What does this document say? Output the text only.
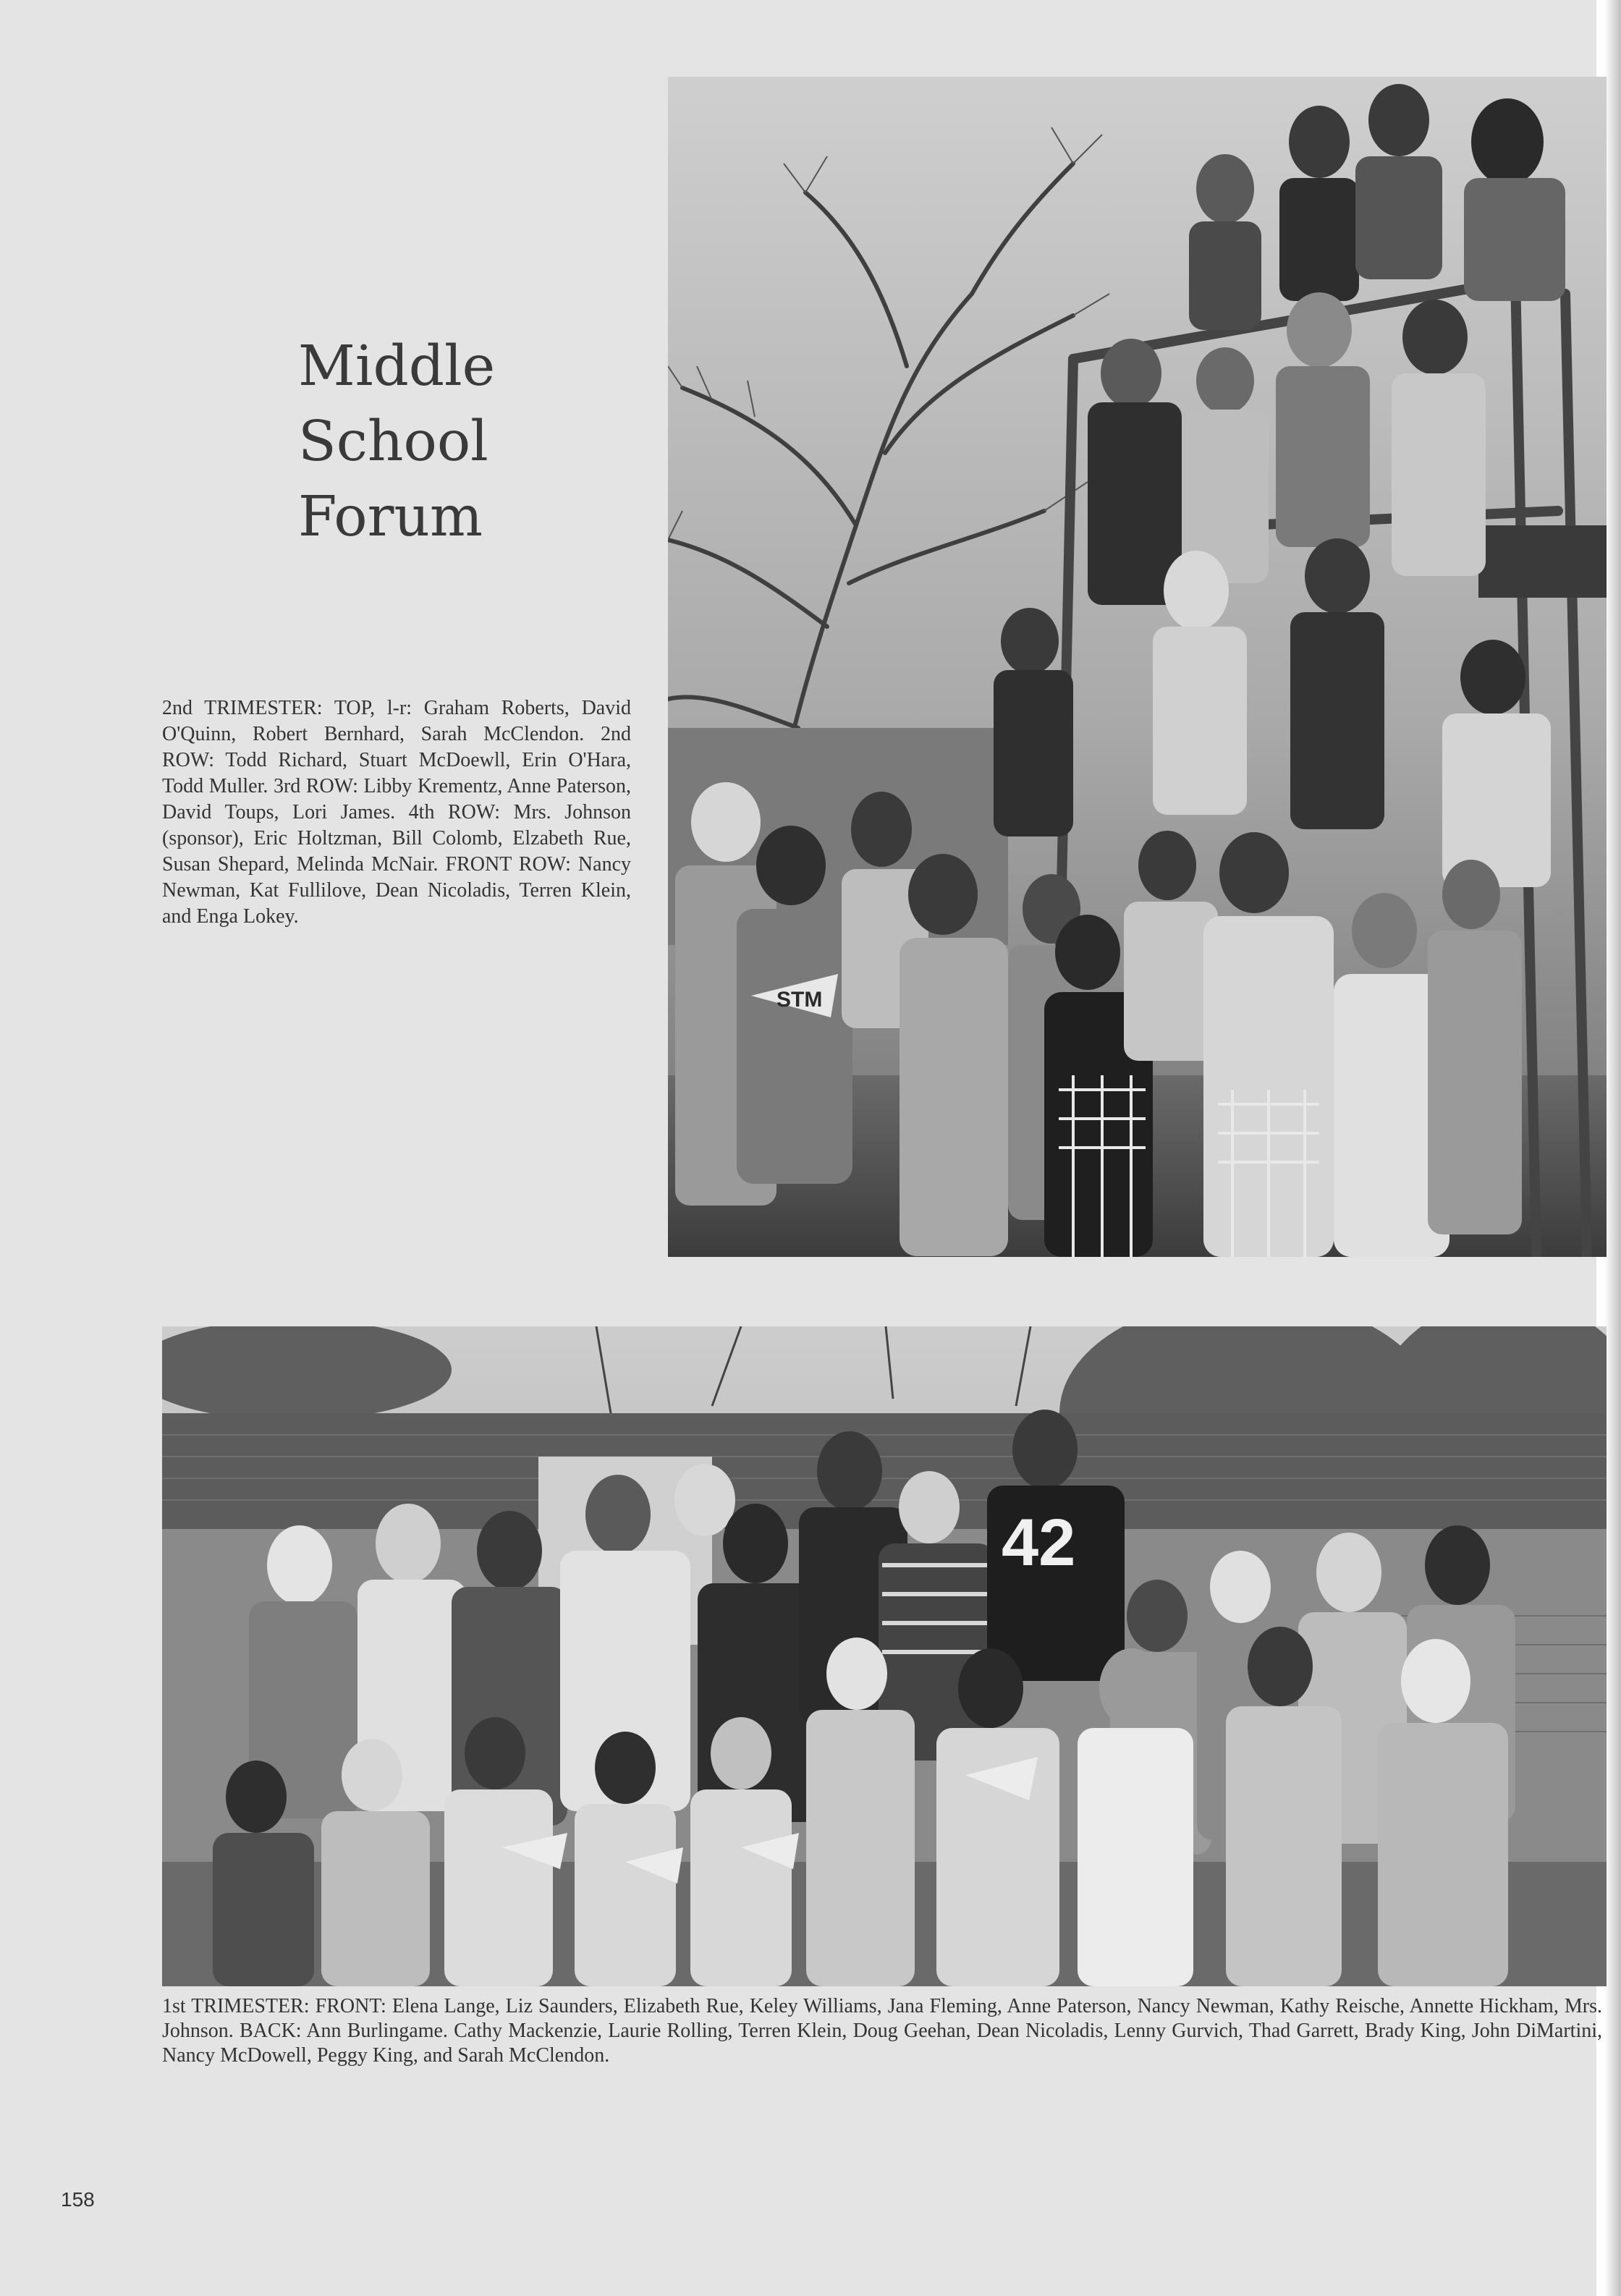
Middle
School
Forum

2nd TRIMESTER: TOP, l-r: Graham Roberts, David O'Quinn, Robert Bernhard, Sarah McClendon. 2nd ROW: Todd Richard, Stuart McDoewll, Erin O'Hara, Todd Muller. 3rd ROW: Libby Krementz, Anne Paterson, David Toups, Lori James. 4th ROW: Mrs. Johnson (sponsor), Eric Holtzman, Bill Colomb, Elzabeth Rue, Susan Shepard, Melinda McNair. FRONT ROW: Nancy Newman, Kat Fullilove, Dean Nicoladis, Terren Klein, and Enga Lokey.

STM
42

1st TRIMESTER: FRONT: Elena Lange, Liz Saunders, Elizabeth Rue, Keley Williams, Jana Fleming, Anne Paterson, Nancy Newman, Kathy Reische, Annette Hickham, Mrs. Johnson. BACK: Ann Burlingame. Cathy Mackenzie, Laurie Rolling, Terren Klein, Doug Geehan, Dean Nicoladis, Lenny Gurvich, Thad Garrett, Brady King, John DiMartini, Nancy McDowell, Peggy King, and Sarah McClendon.

158
